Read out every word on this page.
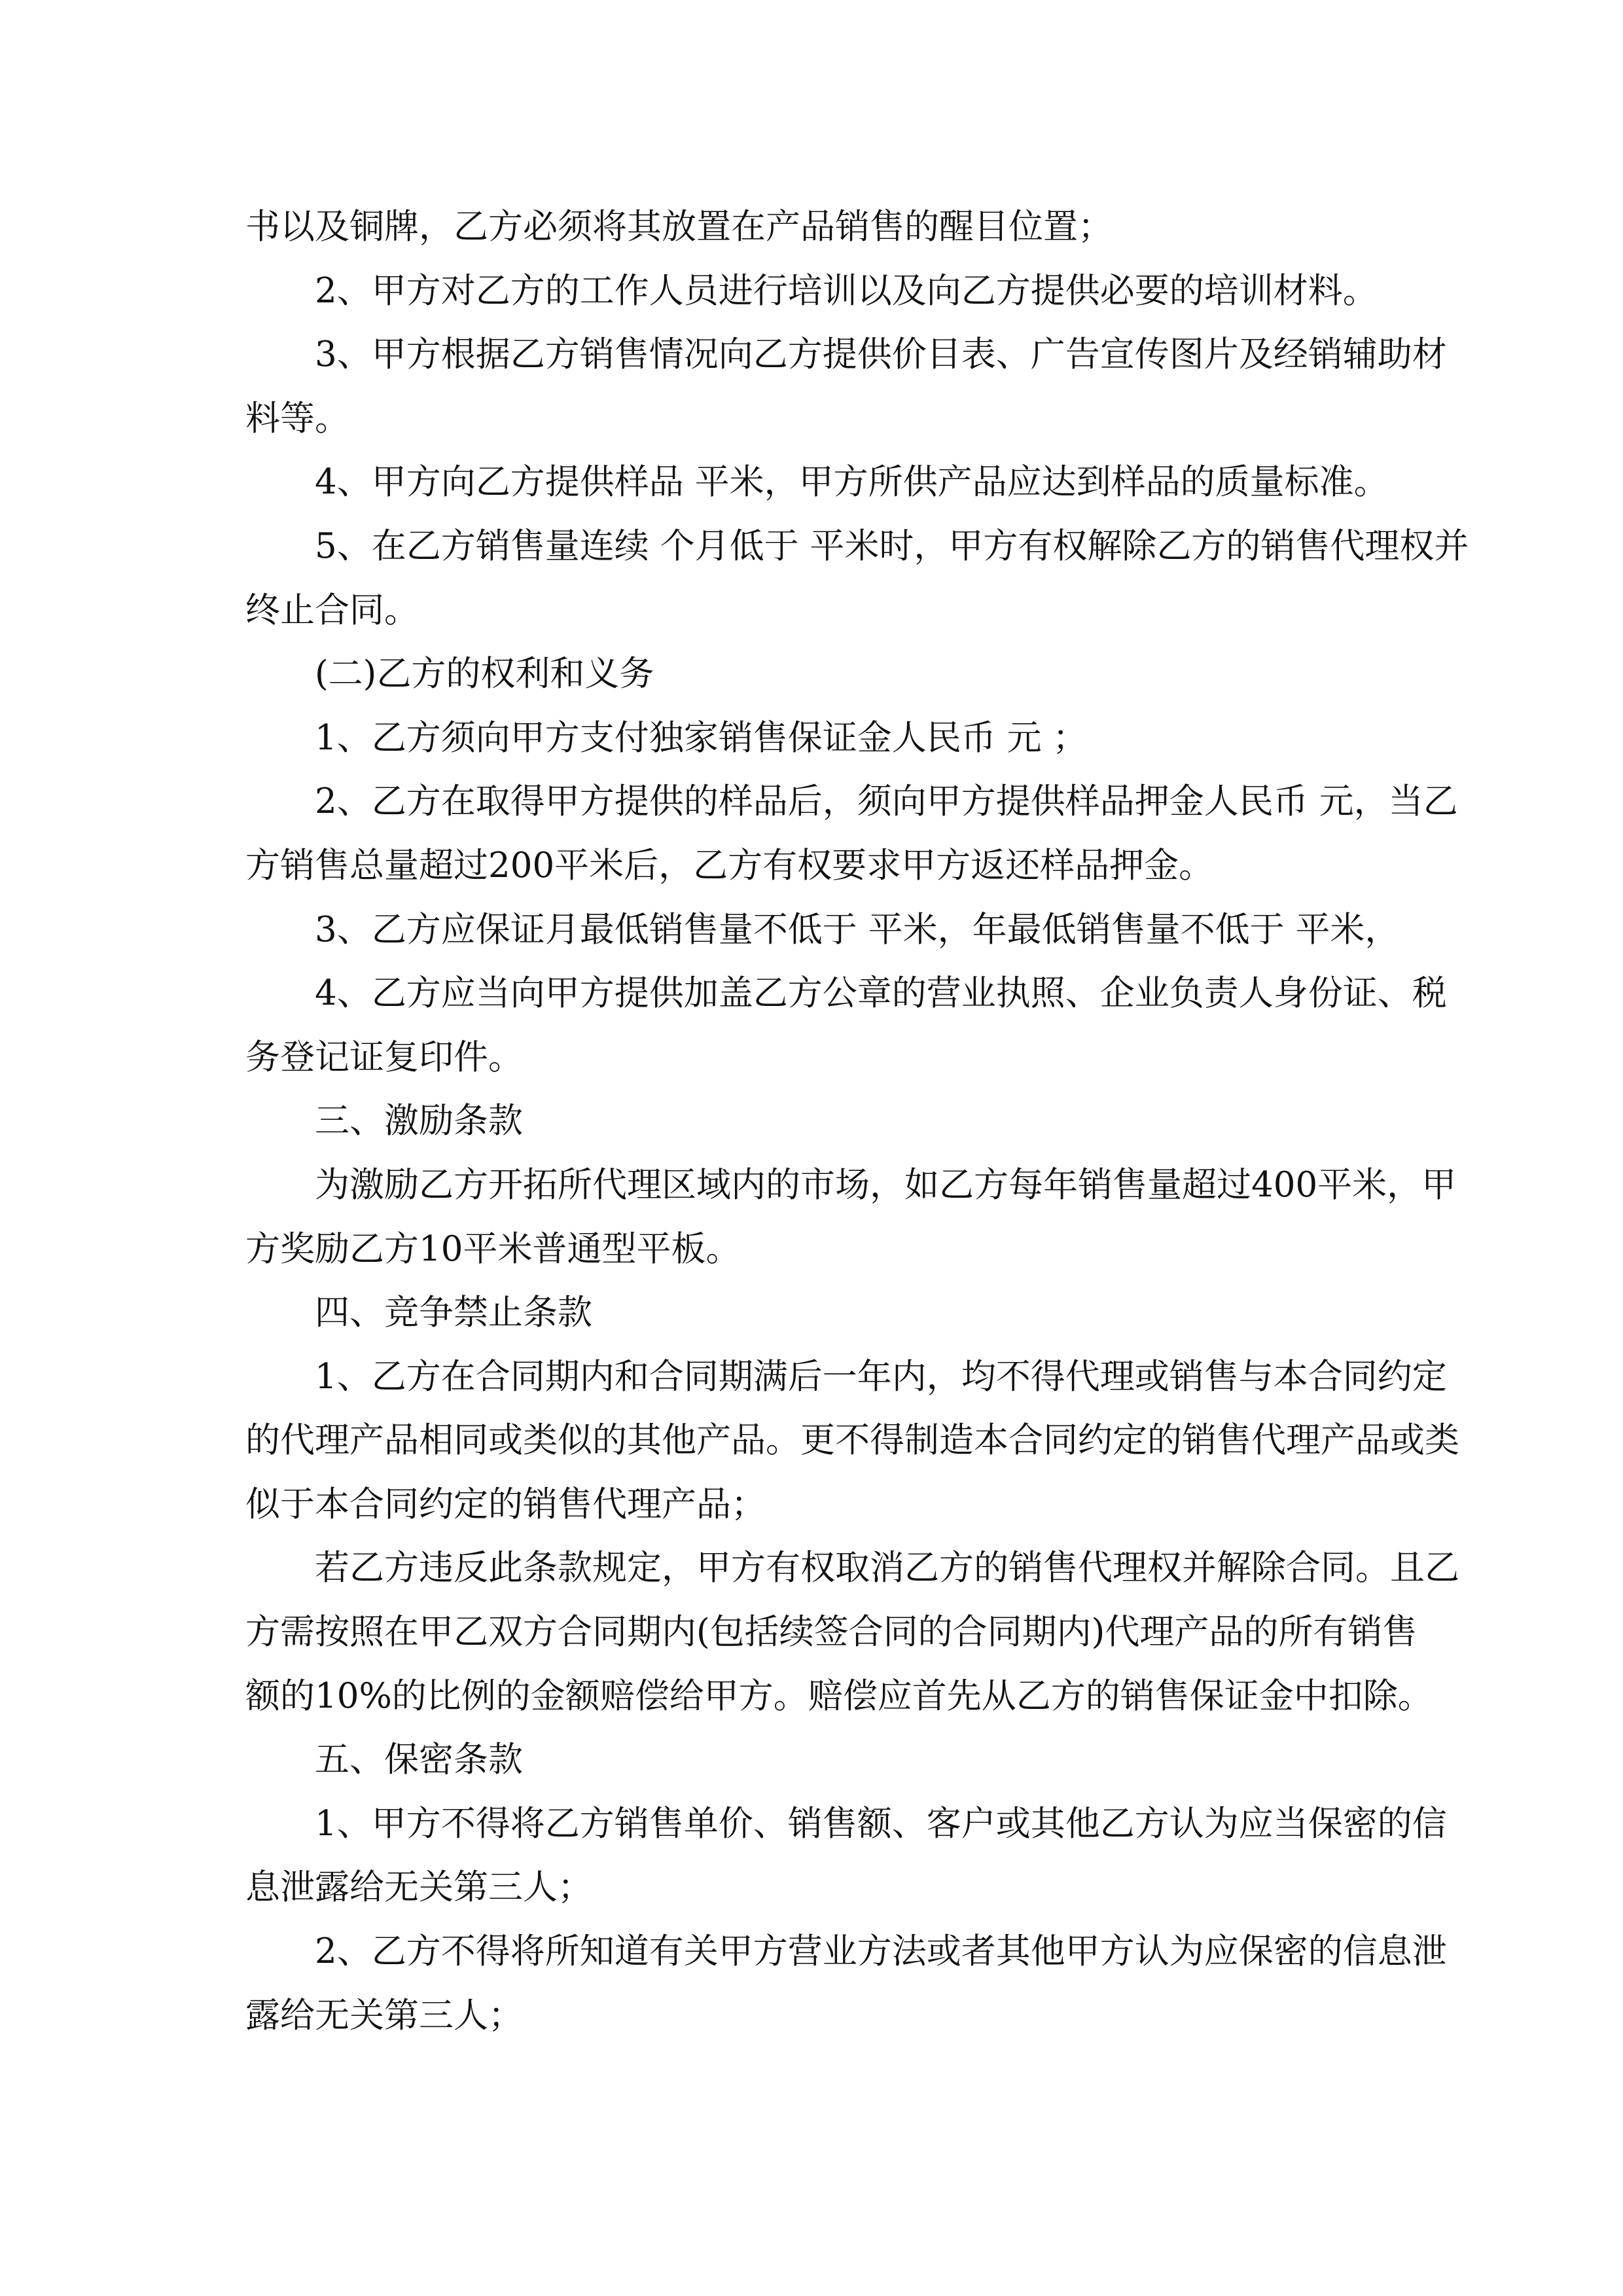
书以及铜牌，乙方必须将其放置在产品销售的醒目位置；
2、甲方对乙方的工作人员进行培训以及向乙方提供必要的培训材料。
3、甲方根据乙方销售情况向乙方提供价目表、广告宣传图片及经销辅助材
料等。
4、甲方向乙方提供样品 平米，甲方所供产品应达到样品的质量标准。
5、在乙方销售量连续 个月低于 平米时，甲方有权解除乙方的销售代理权并
终止合同。
(二)乙方的权利和义务
1、乙方须向甲方支付独家销售保证金人民币 元 ；
2、乙方在取得甲方提供的样品后，须向甲方提供样品押金人民币 元，当乙
方销售总量超过200平米后，乙方有权要求甲方返还样品押金。
3、乙方应保证月最低销售量不低于 平米，年最低销售量不低于 平米，
4、乙方应当向甲方提供加盖乙方公章的营业执照、企业负责人身份证、税
务登记证复印件。
三、激励条款
为激励乙方开拓所代理区域内的市场，如乙方每年销售量超过400平米，甲
方奖励乙方10平米普通型平板。
四、竞争禁止条款
1、乙方在合同期内和合同期满后一年内，均不得代理或销售与本合同约定
的代理产品相同或类似的其他产品。更不得制造本合同约定的销售代理产品或类
似于本合同约定的销售代理产品；
若乙方违反此条款规定，甲方有权取消乙方的销售代理权并解除合同。且乙
方需按照在甲乙双方合同期内(包括续签合同的合同期内)代理产品的所有销售
额的10%的比例的金额赔偿给甲方。赔偿应首先从乙方的销售保证金中扣除。
五、保密条款
1、甲方不得将乙方销售单价、销售额、客户或其他乙方认为应当保密的信
息泄露给无关第三人；
2、乙方不得将所知道有关甲方营业方法或者其他甲方认为应保密的信息泄
露给无关第三人；
